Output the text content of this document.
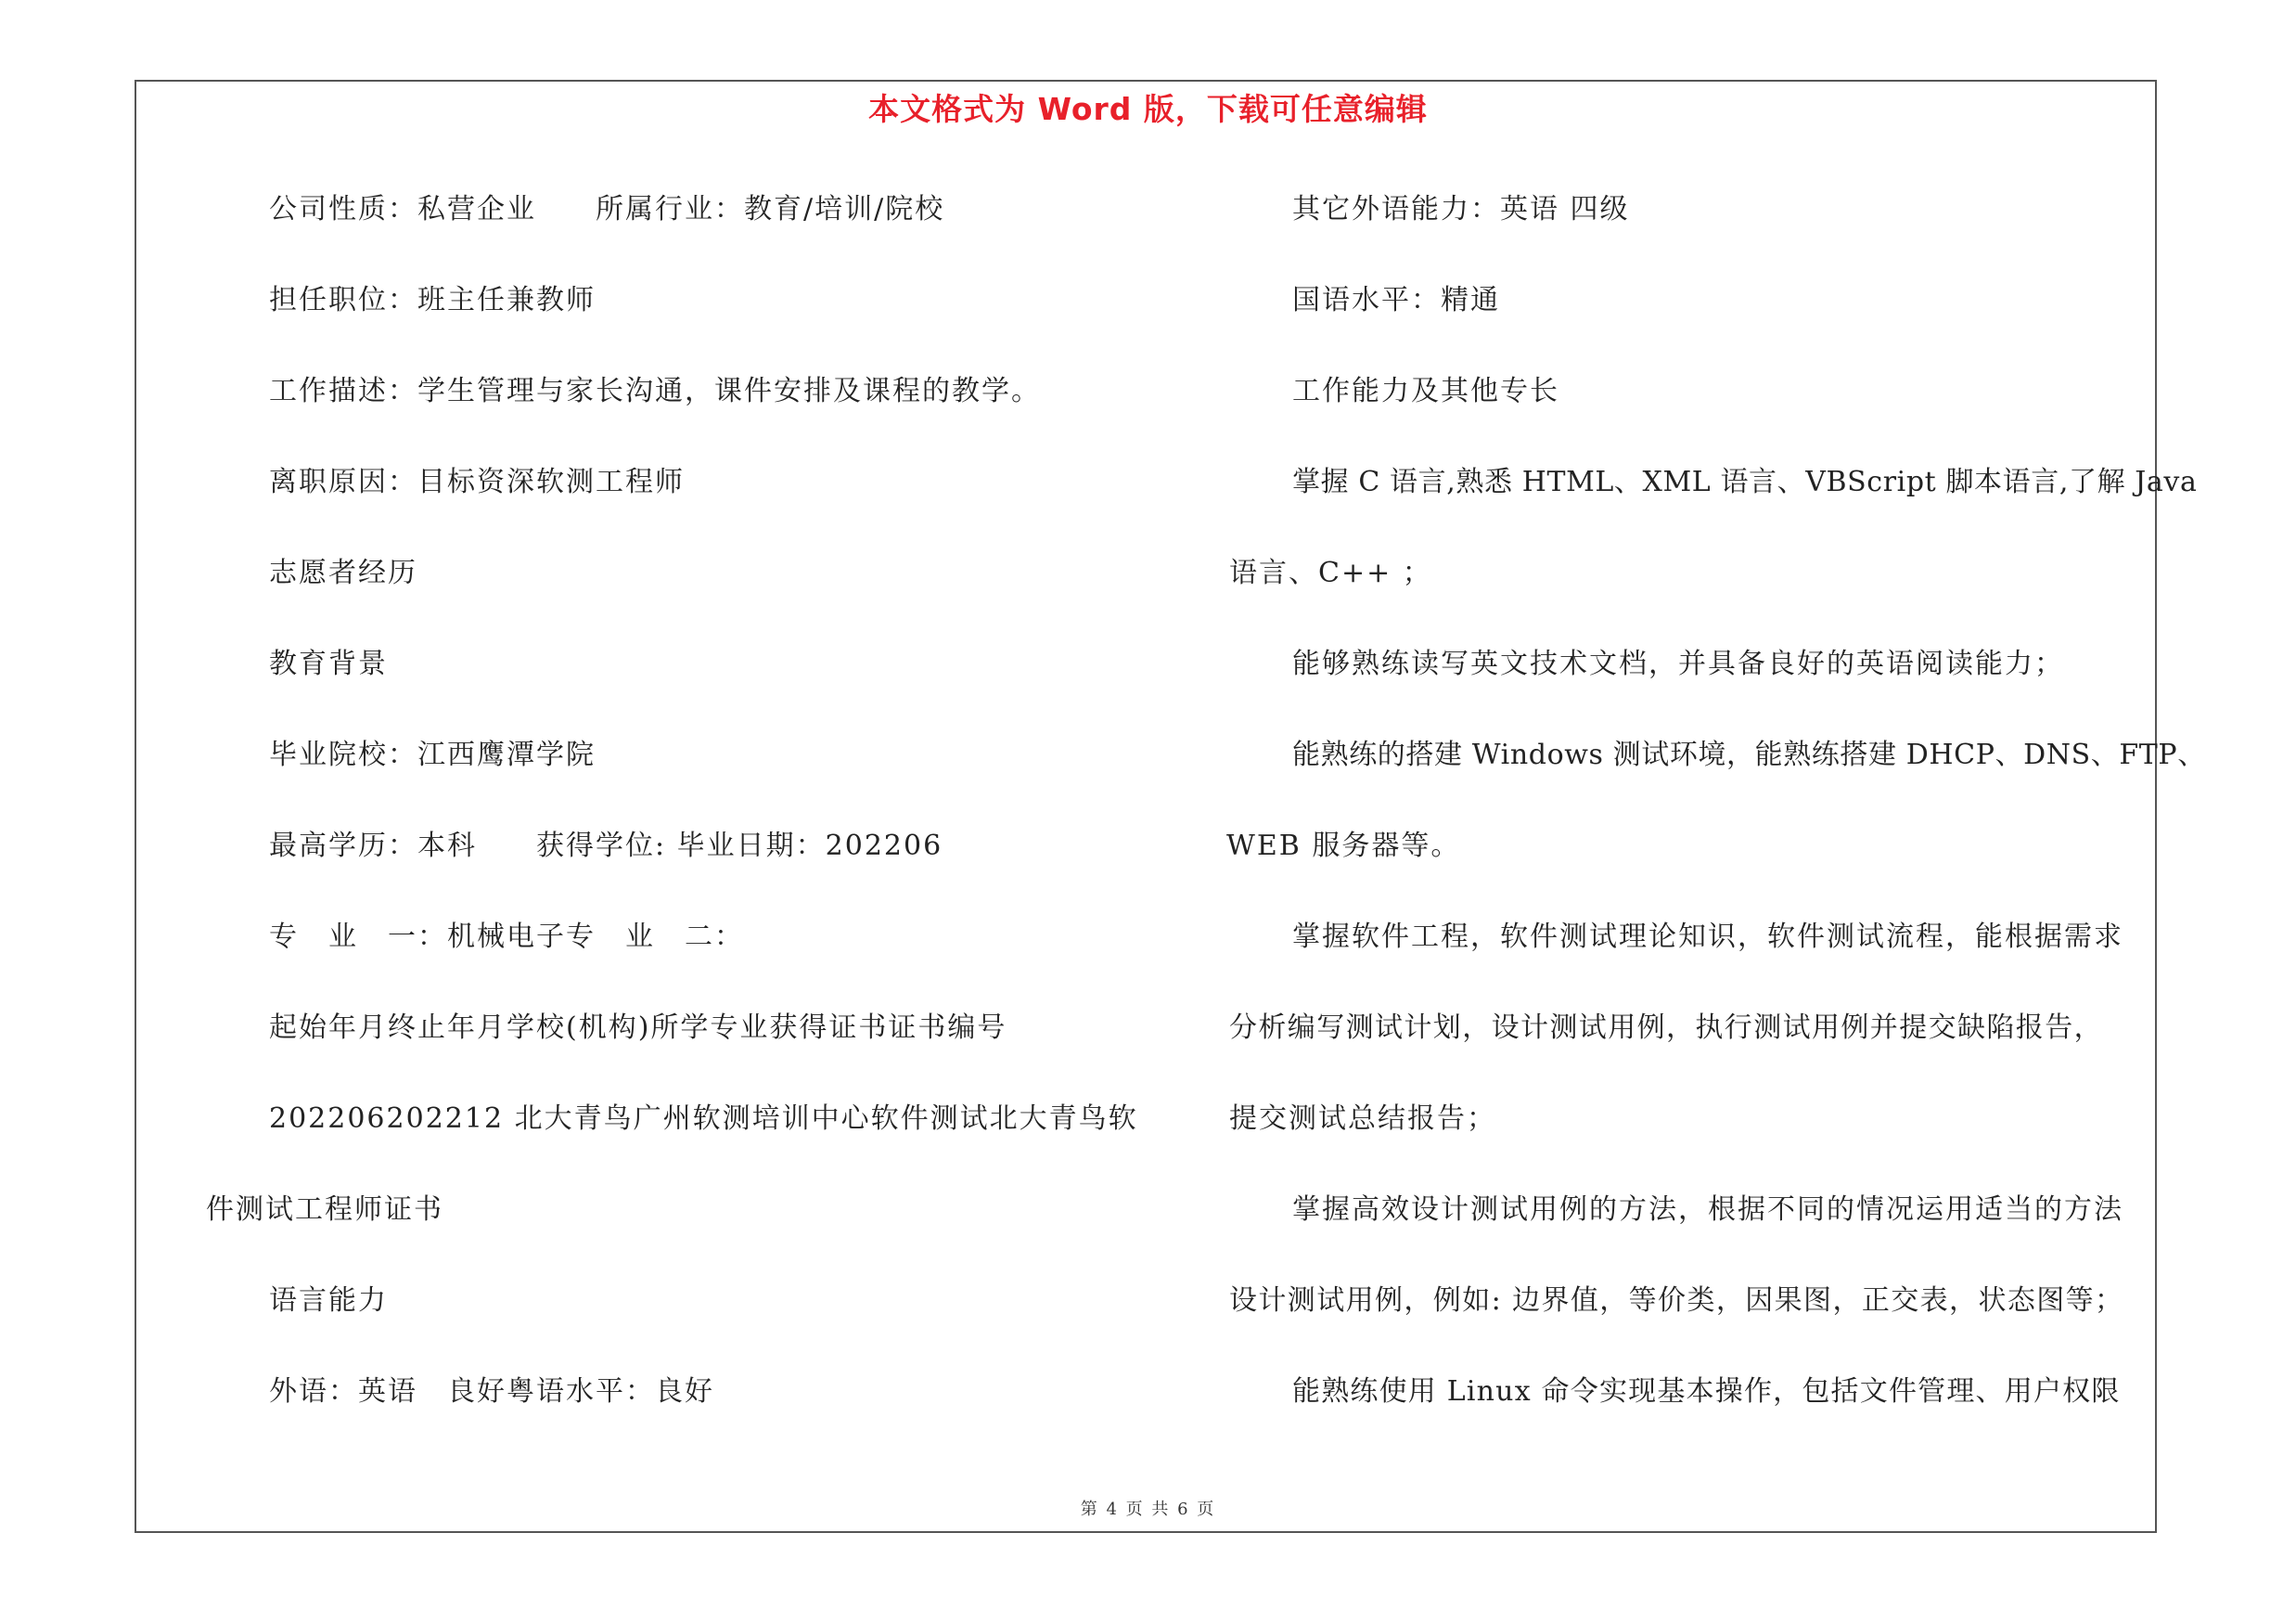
本文格式为 Word 版，下载可任意编辑
公司性质：私营企业　　所属行业：教育/培训/院校
担任职位：班主任兼教师
工作描述：学生管理与家长沟通，课件安排及课程的教学。
离职原因：目标资深软测工程师
志愿者经历
教育背景
毕业院校：江西鹰潭学院
最高学历：本科　　获得学位: 毕业日期：202206
专　业　一：机械电子专　业　二：
起始年月终止年月学校(机构)所学专业获得证书证书编号
202206202212 北大青鸟广州软测培训中心软件测试北大青鸟软
件测试工程师证书
语言能力
外语：英语　良好粤语水平：良好
其它外语能力：英语 四级
国语水平：精通
工作能力及其他专长
掌握 C 语言,熟悉 HTML、XML 语言、VBScript 脚本语言,了解 Java
语言、C++ ；
能够熟练读写英文技术文档，并具备良好的英语阅读能力；
能熟练的搭建 Windows 测试环境，能熟练搭建 DHCP、DNS、FTP、
WEB 服务器等。
掌握软件工程，软件测试理论知识，软件测试流程，能根据需求
分析编写测试计划，设计测试用例，执行测试用例并提交缺陷报告，
提交测试总结报告；
掌握高效设计测试用例的方法，根据不同的情况运用适当的方法
设计测试用例，例如: 边界值，等价类，因果图，正交表，状态图等；
能熟练使用 Linux 命令实现基本操作，包括文件管理、用户权限
第 4 页 共 6 页
